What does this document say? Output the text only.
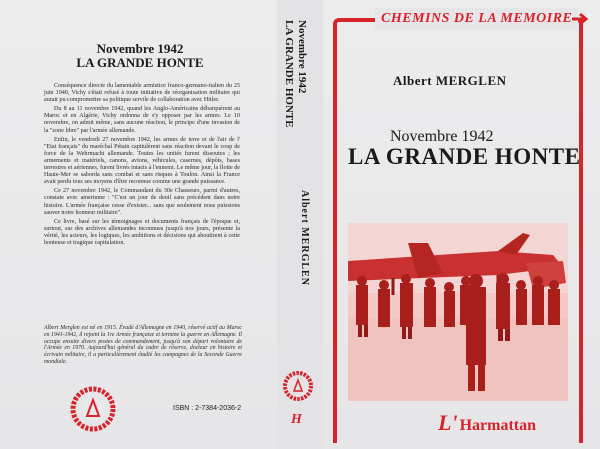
Novembre 1942
LA GRANDE HONTE

Conséquence directe du lamentable armistice franco-germano-italien du 25 juin 1940, Vichy s'était refusé à toute initiative de réorganisation militaire qui aurait pu compromettre sa politique servile de collaboration avec Hitler.

Du 8 au 11 novembre 1942, quand les Anglo-Américains débarquèrent au Maroc et en Algérie, Vichy ordonna de s'y opposer par les armes. Le 10 novembre, on admit même, sans aucune réaction, le principe d'une invasion de la "zone libre" par l'armée allemande.

Enfin, le vendredi 27 novembre 1942, les armes de terre et de l'air de l' "Etat français" du maréchal Pétain capitulèrent sans réaction devant le coup de force de la Wehrmacht allemande. Toutes les unités furent dissoutes ; les armements et matériels, canons, avions, véhicules, casernes, dépôts, bases terrestres et aériennes, furent livrés intacts à l'ennemi. Le même jour, la flotte de Haute-Mer se saborda sans combat et sans risques à Toulon. Ainsi la France avait perdu tous ses moyens d'être reconnue comme une grande puissance.

Ce 27 novembre 1942, le Commandant du 30e Chasseurs, parmi d'autres, constate avec amertume : "C'est un jour de deuil sans précédent dans notre histoire. L'armée française cesse d'exister... sans que seulement nous puissions sauver notre honneur militaire".

Ce livre, basé sur les témoignages et documents français de l'époque et, surtout, sur des archives allemandes inconnues jusqu'à nos jours, présente la vérité, les acteurs, les logiques, les ambitions et décisions qui aboutirent à cette honteuse et tragique capitulation.

Albert Merglen est né en 1915. Évadé d'Allemagne en 1940, réservé actif au Maroc en 1941-1942, il rejoint la 1re Armée française et termine la guerre en Allemagne. Il occupe ensuite divers postes de commandement, jusqu'à son départ volontaire de l'Armée en 1970. Aujourd'hui général du cadre de réserve, docteur en histoire et écrivain militaire, il a particulièrement étudié les campagnes de la Seconde Guerre mondiale.
ISBN : 2-7384-2036-2
Novembre 1942
LA GRANDE HONTE
Albert MERGLEN
H
CHEMINS DE LA MEMOIRE
Albert MERGLEN
Novembre 1942
LA GRANDE HONTE
L' Harmattan
